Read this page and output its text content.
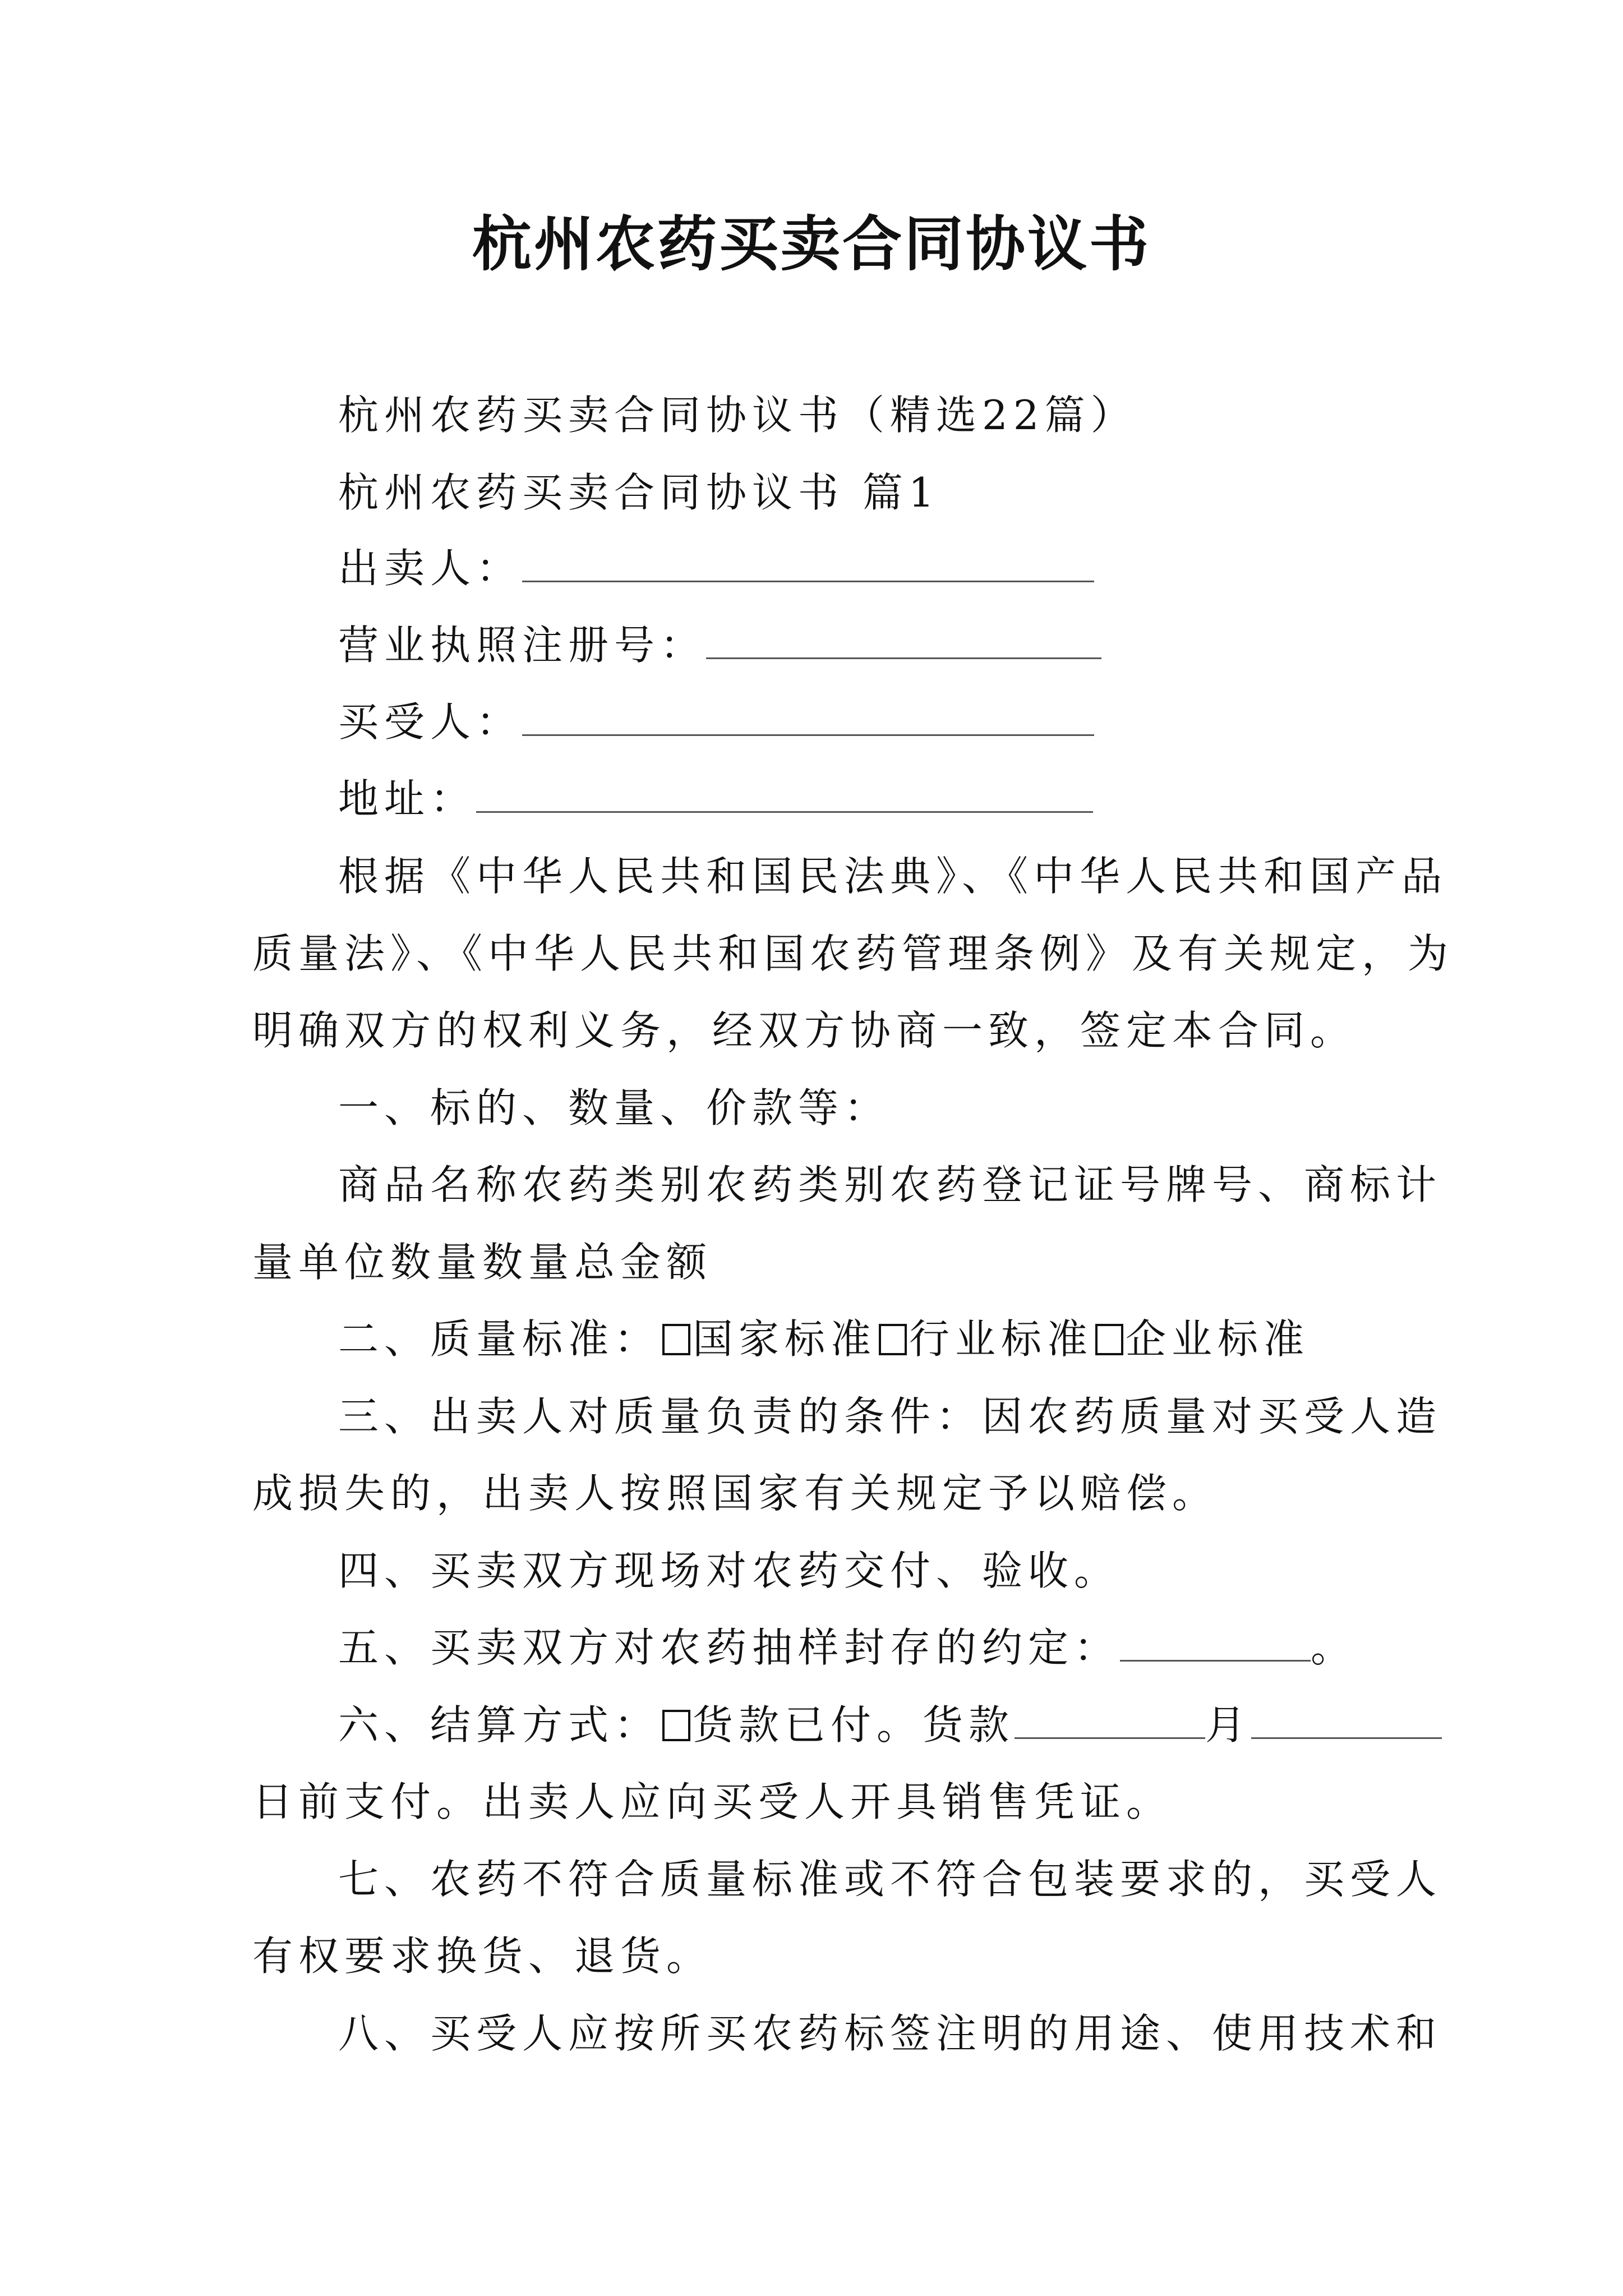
杭州农药买卖合同协议书
杭州农药买卖合同协议书（精选22篇）
杭州农药买卖合同协议书 篇1
出卖人：
营业执照注册号：
买受人：
地址：
根据《中华人民共和国民法典》、《中华人民共和国产品
质量法》、《中华人民共和国农药管理条例》及有关规定，为
明确双方的权利义务，经双方协商一致，签定本合同。
一、标的、数量、价款等：
商品名称农药类别农药类别农药登记证号牌号、商标计
量单位数量数量总金额
二、质量标准： 国家标准 行业标准 企业标准
三、出卖人对质量负责的条件：因农药质量对买受人造
成损失的，出卖人按照国家有关规定予以赔偿。
四、买卖双方现场对农药交付、验收。
五、买卖双方对农药抽样封存的约定：	。
六、结算方式： 货款已付。货款	月
日前支付。出卖人应向买受人开具销售凭证。
七、农药不符合质量标准或不符合包装要求的，买受人
有权要求换货、退货。
八、买受人应按所买农药标签注明的用途、使用技术和
